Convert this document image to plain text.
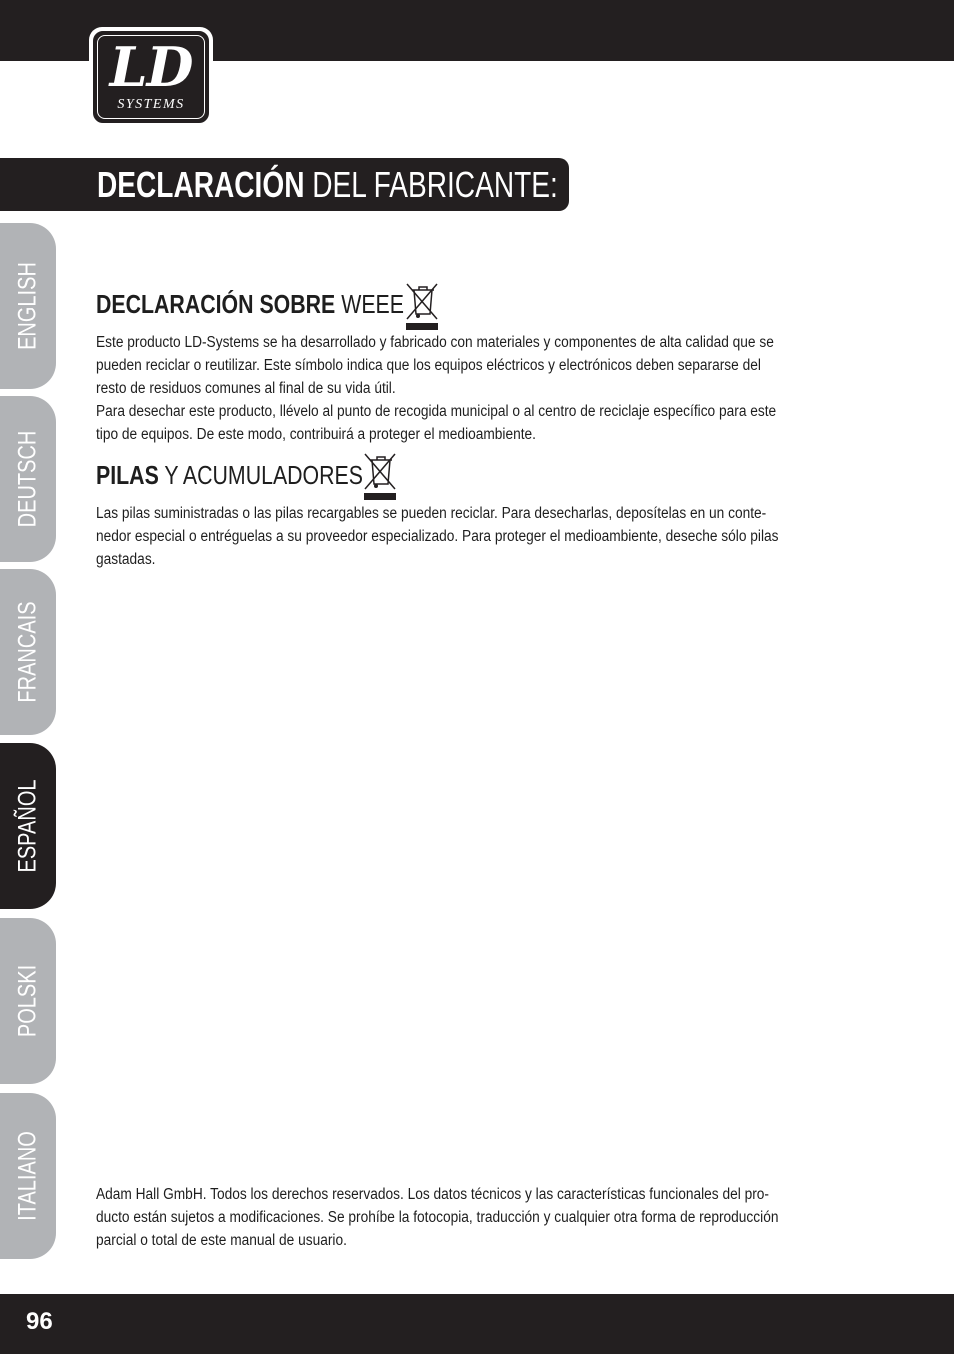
LD
SYSTEMS
DECLARACIÓN DEL FABRICANTE:
ENGLISH
DEUTSCH
FRANCAIS
ESPAÑOL
POLSKI
ITALIANO
DECLARACIÓN SOBRE WEEE
Este producto LD-Systems se ha desarrollado y fabricado con materiales y componentes de alta calidad que se
pueden reciclar o reutilizar. Este símbolo indica que los equipos eléctricos y electrónicos deben separarse del
resto de residuos comunes al final de su vida útil.
Para desechar este producto, llévelo al punto de recogida municipal o al centro de reciclaje específico para este
tipo de equipos. De este modo, contribuirá a proteger el medioambiente.
PILAS Y ACUMULADORES
Las pilas suministradas o las pilas recargables se pueden reciclar. Para desecharlas, deposítelas en un conte-
nedor especial o entréguelas a su proveedor especializado. Para proteger el medioambiente, deseche sólo pilas
gastadas.
Adam Hall GmbH. Todos los derechos reservados. Los datos técnicos y las características funcionales del pro-
ducto están sujetos a modificaciones. Se prohíbe la fotocopia, traducción y cualquier otra forma de reproducción
parcial o total de este manual de usuario.
96
